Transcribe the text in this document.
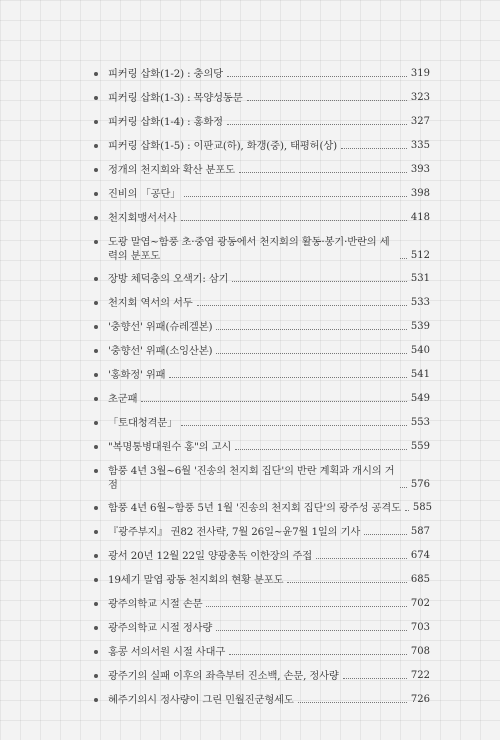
피커링 삽화(1-2) : 충의당	319
피커링 삽화(1-3) : 목양성동문	323
피커링 삽화(1-4) : 홍화정	327
피커링 삽화(1-5) : 이판교(하), 화갱(중), 태평허(상)	335
정개의 천지회와 확산 분포도	393
진비의 「공단」	398
천지회맹서서사	418
도광 말엽~함풍 초·중엽 광동에서 천지회의 활동·봉기·반란의 세력의 분포도	512
장방 체덕충의 오색기: 삼기	531
천지회 역서의 서두	533
'충향선' 위패(슈레겔본)	539
'충향선' 위패(소잉산본)	540
'홍화정' 위패	541
초군패	549
「토대청격문」	553
"복명통병대원수 홍"의 고시	559
함풍 4년 3월~6월 '진송의 천지회 집단'의 반란 계획과 개시의 거점	576
함풍 4년 6월~함풍 5년 1월 '진송의 천지회 집단'의 광주성 공격도 585
『광주부지』 권82 전사략, 7월 26일~윤7월 1일의 기사	587
광서 20년 12월 22일 양광총독 이한장의 주접	674
19세기 말엽 광동 천지회의 현황 분포도	685
광주의학교 시절 손문	702
광주의학교 시절 정사량	703
홍콩 서의서원 시절 사대구	708
광주기의 실패 이후의 좌측부터 진소백, 손문, 정사량	722
혜주기의시 정사량이 그린 민월진군형세도	726
